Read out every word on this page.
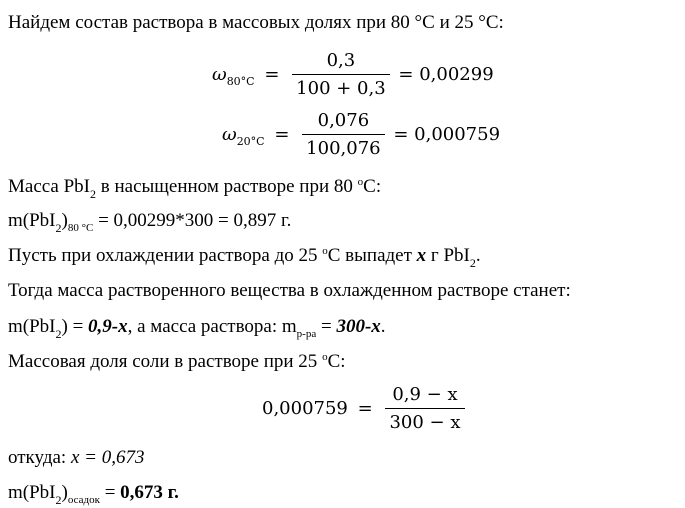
Найдем состав раствора в массовых долях при 80 °С и 25 °С:
$\omega_{80^\circ C} = \frac{0,3}{100 + 0,3} = 0,00299$
$\omega_{20^\circ C} = \frac{0,076}{100,076} = 0,000759$
Масса PbI$_2$ в насыщенном растворе при 80 $^о$С:
$m(PbI_2)_{80 ^\circ С} = 0,00299*300 = 0,897$ г.
Пусть при охлаждении раствора до 25 $^о$С выпадет х г PbI$_2$.
Тогда масса растворенного вещества в охлажденном растворе станет:
m(PbI$_2$) = 0,9-х, а масса раствора: $m_{р-ра} = 300-х$.
Массовая доля соли в растворе при 25 $^о$С:
$0,000759 = \frac{0,9 - x}{300 - x}$
откуда: x = 0,673
$m(PbI_2)_{осадок} = 0,673$ г.
